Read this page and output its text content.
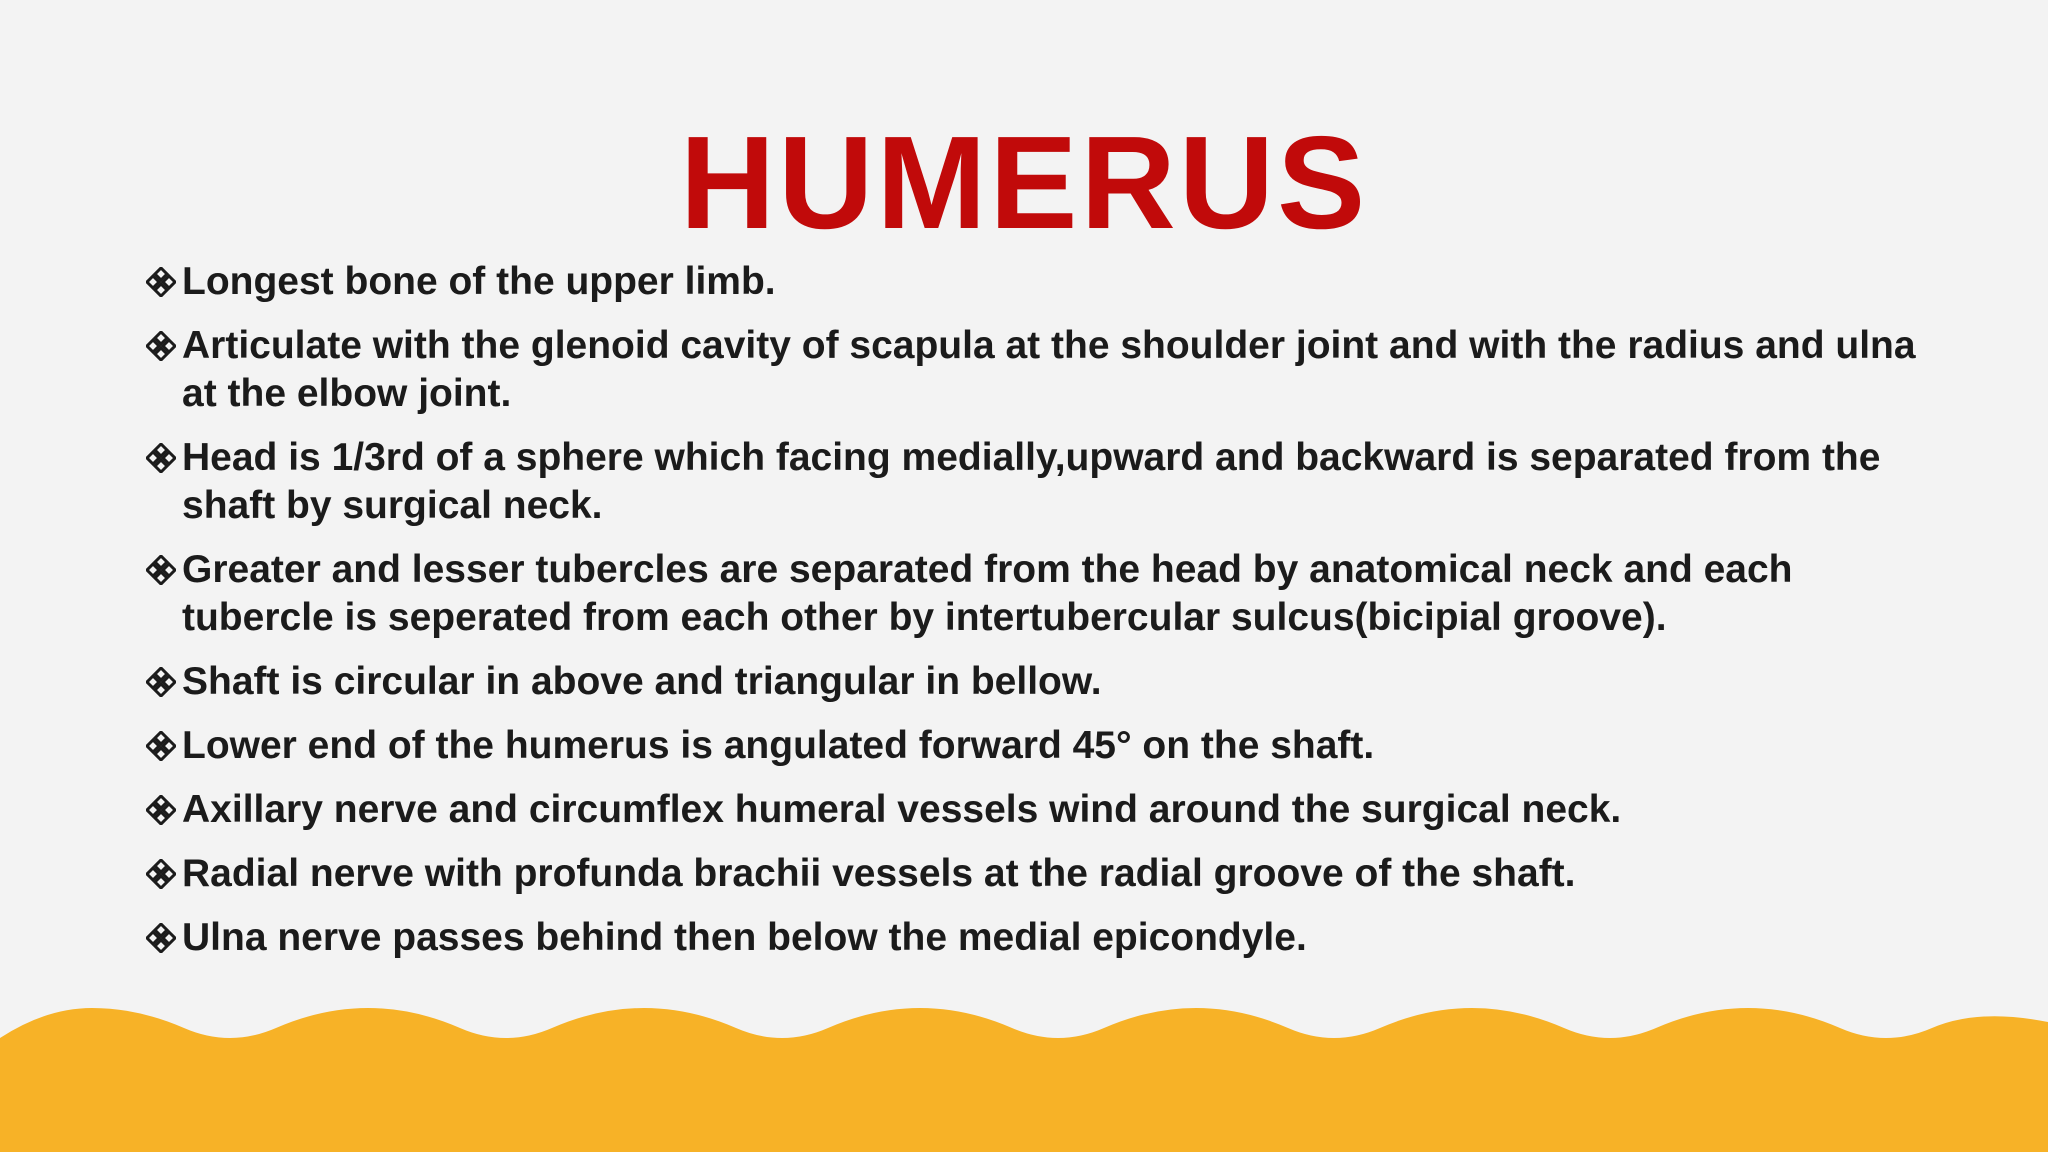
HUMERUS
Longest bone of the upper limb.
Articulate with the glenoid cavity of scapula at the shoulder joint and with the radius and ulna at the elbow joint.
Head is 1/3rd of a sphere which facing medially,upward and backward is separated from the shaft by surgical neck.
Greater and lesser tubercles are separated from the head by anatomical neck and each tubercle is seperated from each other by intertubercular sulcus(bicipial groove).
Shaft is circular in above and triangular in bellow.
Lower end of the humerus is angulated forward 45° on the shaft.
Axillary nerve and circumflex humeral vessels wind around the surgical neck.
Radial nerve with profunda brachii vessels at the radial groove of the shaft.
Ulna nerve passes behind then below the medial epicondyle.
